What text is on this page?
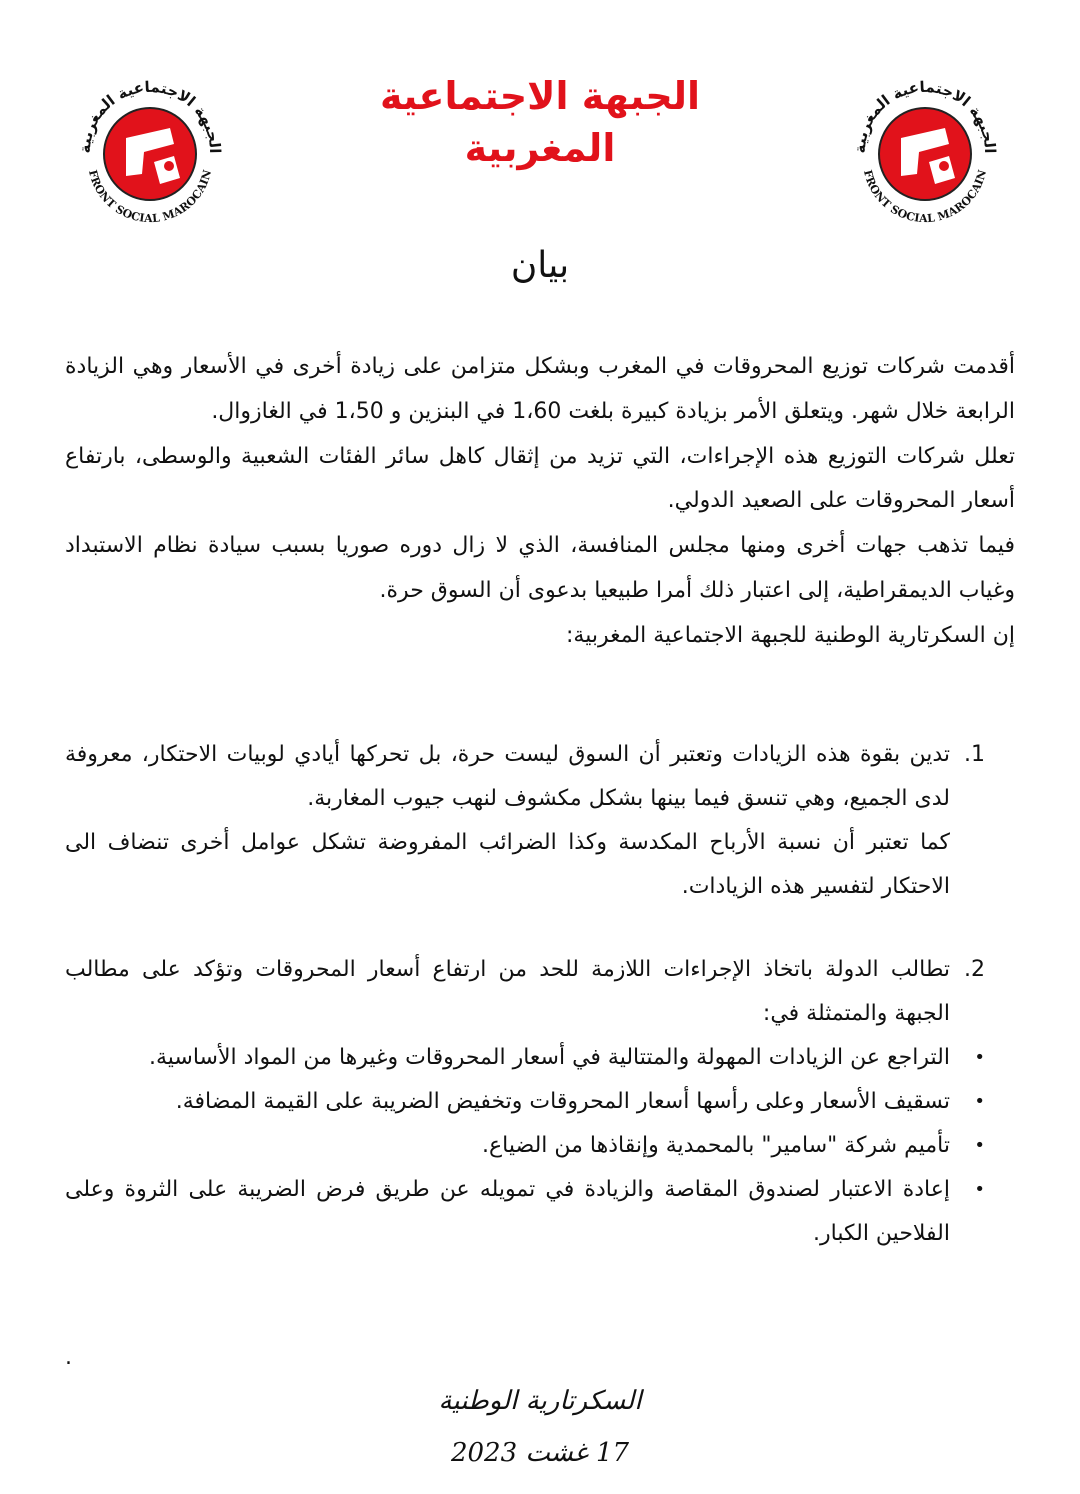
الجبهة الاجتماعية المغربية
FRONT SOCIAL MAROCAIN
الجبهة الاجتماعية المغربية
FRONT SOCIAL MAROCAIN
الجبهة الاجتماعية
المغربية
بيان

أقدمت شركات توزيع المحروقات في المغرب وبشكل متزامن على زيادة أخرى في الأسعار وهي الزيادة الرابعة خلال شهر. ويتعلق الأمر بزيادة كبيرة بلغت 1،60 في البنزين و 1،50 في الغازوال.

تعلل شركات التوزيع هذه الإجراءات، التي تزيد من إثقال كاهل سائر الفئات الشعبية والوسطى، بارتفاع أسعار المحروقات على الصعيد الدولي.

فيما تذهب جهات أخرى ومنها مجلس المنافسة، الذي لا زال دوره صوريا بسبب سيادة نظام الاستبداد وغياب الديمقراطية، إلى اعتبار ذلك أمرا طبيعيا بدعوى أن السوق حرة.

إن السكرتارية الوطنية للجبهة الاجتماعية المغربية:

1.

تدين بقوة هذه الزيادات وتعتبر أن السوق ليست حرة، بل تحركها أيادي لوبيات الاحتكار، معروفة لدى الجميع، وهي تنسق فيما بينها بشكل مكشوف لنهب جيوب المغاربة.

كما تعتبر أن نسبة الأرباح المكدسة وكذا الضرائب المفروضة تشكل عوامل أخرى تنضاف الى الاحتكار لتفسير هذه الزيادات.

2.

تطالب الدولة باتخاذ الإجراءات اللازمة للحد من ارتفاع أسعار المحروقات وتؤكد على مطالب الجبهة والمتمثلة في:

•
التراجع عن الزيادات المهولة والمتتالية في أسعار المحروقات وغيرها من المواد الأساسية.
•
تسقيف الأسعار وعلى رأسها أسعار المحروقات وتخفيض الضريبة على القيمة المضافة.
•
تأميم شركة "سامير" بالمحمدية وإنقاذها من الضياع.
•
إعادة الاعتبار لصندوق المقاصة والزيادة في تمويله عن طريق فرض الضريبة على الثروة وعلى الفلاحين الكبار.
.
السكرتارية الوطنية
17 غشت 2023
